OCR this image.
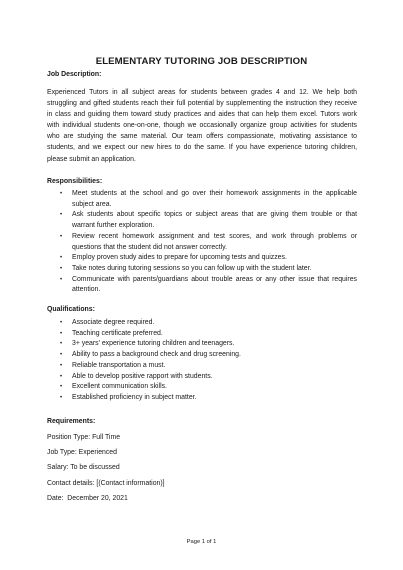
ELEMENTARY TUTORING JOB DESCRIPTION
Job Description:
Experienced Tutors in all subject areas for students between grades 4 and 12. We help both struggling and gifted students reach their full potential by supplementing the instruction they receive in class and guiding them toward study practices and aides that can help them excel. Tutors work with individual students one-on-one, though we occasionally organize group activities for students who are studying the same material. Our team offers compassionate, motivating assistance to students, and we expect our new hires to do the same. If you have experience tutoring children, please submit an application.
Responsibilities:
• Meet students at the school and go over their homework assignments in the applicable subject area.
• Ask students about specific topics or subject areas that are giving them trouble or that warrant further exploration.
• Review recent homework assignment and test scores, and work through problems or questions that the student did not answer correctly.
• Employ proven study aides to prepare for upcoming tests and quizzes.
• Take notes during tutoring sessions so you can follow up with the student later.
• Communicate with parents/guardians about trouble areas or any other issue that requires attention.
Qualifications:
• Associate degree required.
• Teaching certificate preferred.
• 3+ years' experience tutoring children and teenagers.
• Ability to pass a background check and drug screening.
• Reliable transportation a must.
• Able to develop positive rapport with students.
• Excellent communication skills.
• Established proficiency in subject matter.
Requirements:
Position Type: Full Time
Job Type: Experienced
Salary: To be discussed
Contact details: [(Contact information)]
Date:  December 20, 2021
Page 1 of 1
